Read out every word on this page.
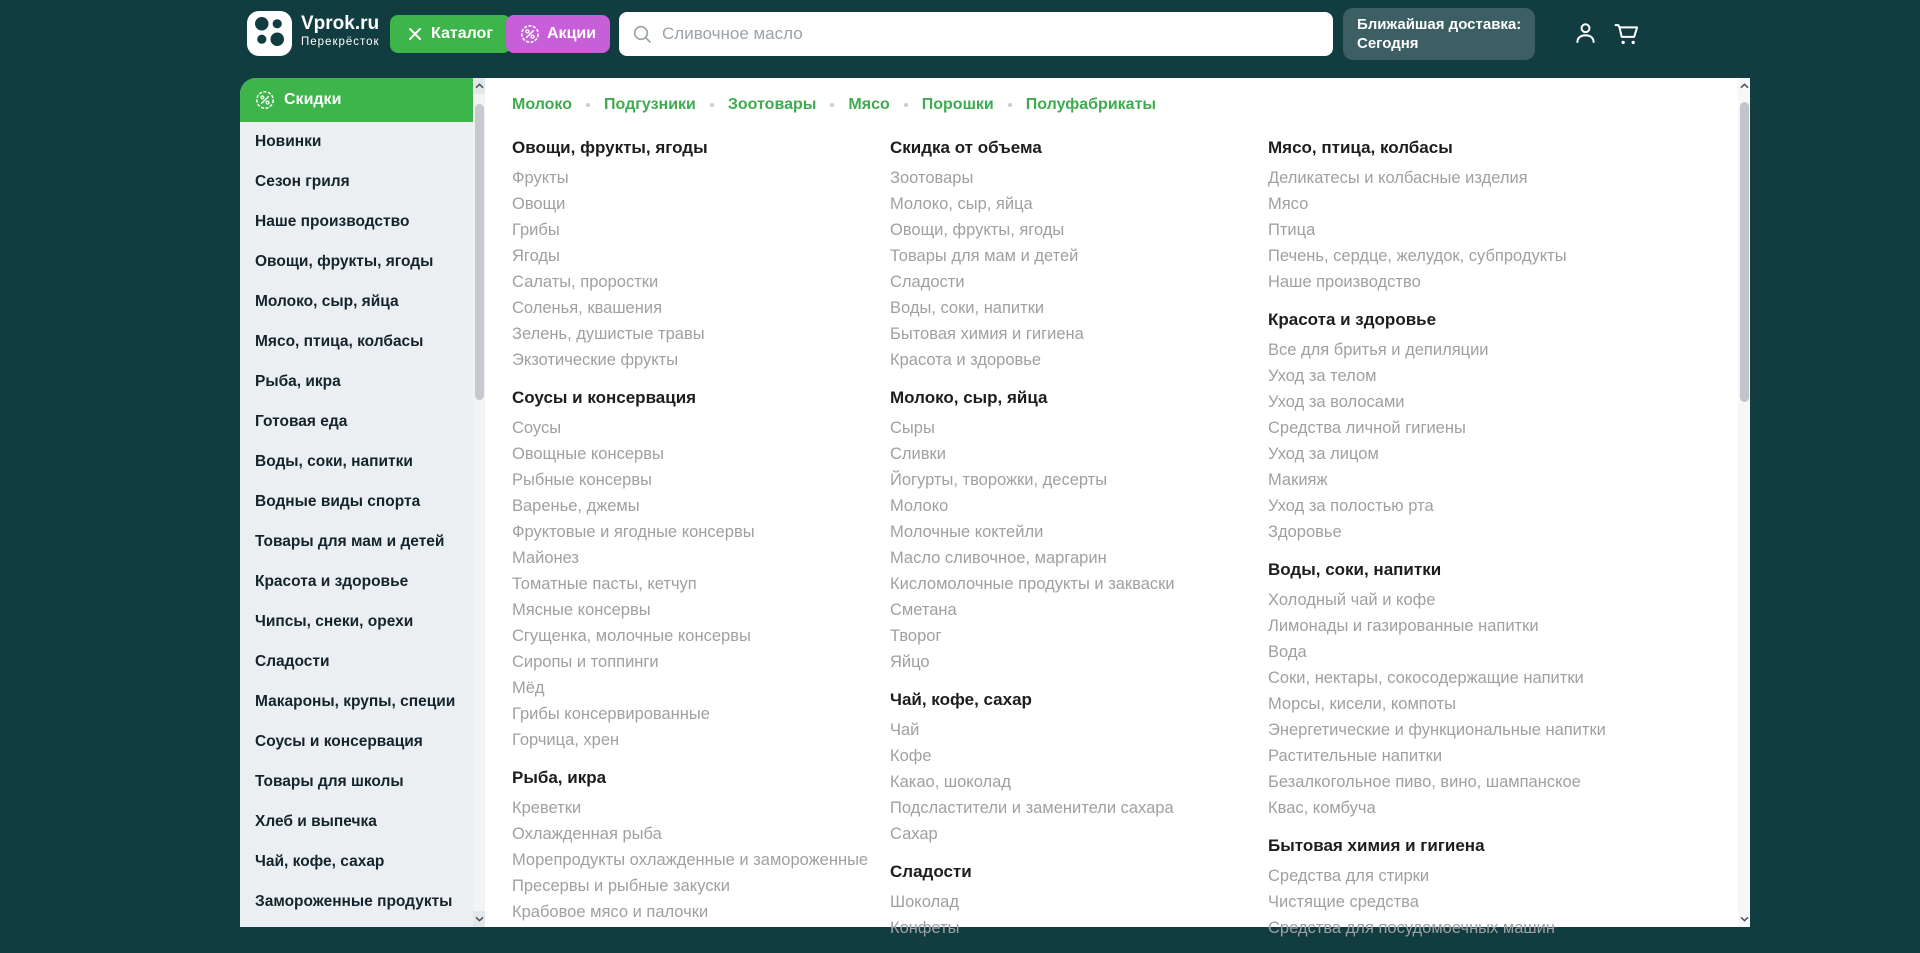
Vprok.ru
Перекрёсток	Каталог	Акции
Сливочное масло
Ближайшая доставка:
Сегодня
Скидки
Новинки
Сезон гриля
Наше производство
Овощи, фрукты, ягоды
Молоко, сыр, яйца
Мясо, птица, колбасы
Рыба, икра
Готовая еда
Воды, соки, напитки
Водные виды спорта
Товары для мам и детей
Красота и здоровье
Чипсы, снеки, орехи
Сладости
Макароны, крупы, специи
Соусы и консервация
Товары для школы
Хлеб и выпечка
Чай, кофе, сахар
Замороженные продукты
Молоко Подгузники Зоотовары Мясо Порошки Полуфабрикаты
Овощи, фрукты, ягоды
Фрукты
Овощи
Грибы
Ягоды
Салаты, проростки
Соленья, квашения
Зелень, душистые травы
Экзотические фрукты
Соусы и консервация
Соусы
Овощные консервы
Рыбные консервы
Варенье, джемы
Фруктовые и ягодные консервы
Майонез
Томатные пасты, кетчуп
Мясные консервы
Сгущенка, молочные консервы
Сиропы и топпинги
Мёд
Грибы консервированные
Горчица, хрен
Рыба, икра
Креветки
Охлажденная рыба
Морепродукты охлажденные и замороженные
Пресервы и рыбные закуски
Крабовое мясо и палочки
Скидка от объема
Зоотовары
Молоко, сыр, яйца
Овощи, фрукты, ягоды
Товары для мам и детей
Сладости
Воды, соки, напитки
Бытовая химия и гигиена
Красота и здоровье
Молоко, сыр, яйца
Сыры
Сливки
Йогурты, творожки, десерты
Молоко
Молочные коктейли
Масло сливочное, маргарин
Кисломолочные продукты и закваски
Сметана
Творог
Яйцо
Чай, кофе, сахар
Чай
Кофе
Какао, шоколад
Подсластители и заменители сахара
Сахар
Сладости
Шоколад
Конфеты
Мясо, птица, колбасы
Деликатесы и колбасные изделия
Мясо
Птица
Печень, сердце, желудок, субпродукты
Наше производство
Красота и здоровье
Все для бритья и депиляции
Уход за телом
Уход за волосами
Средства личной гигиены
Уход за лицом
Макияж
Уход за полостью рта
Здоровье
Воды, соки, напитки
Холодный чай и кофе
Лимонады и газированные напитки
Вода
Соки, нектары, сокосодержащие напитки
Морсы, кисели, компоты
Энергетические и функциональные напитки
Растительные напитки
Безалкогольное пиво, вино, шампанское
Квас, комбуча
Бытовая химия и гигиена
Средства для стирки
Чистящие средства
Средства для посудомоечных машин
